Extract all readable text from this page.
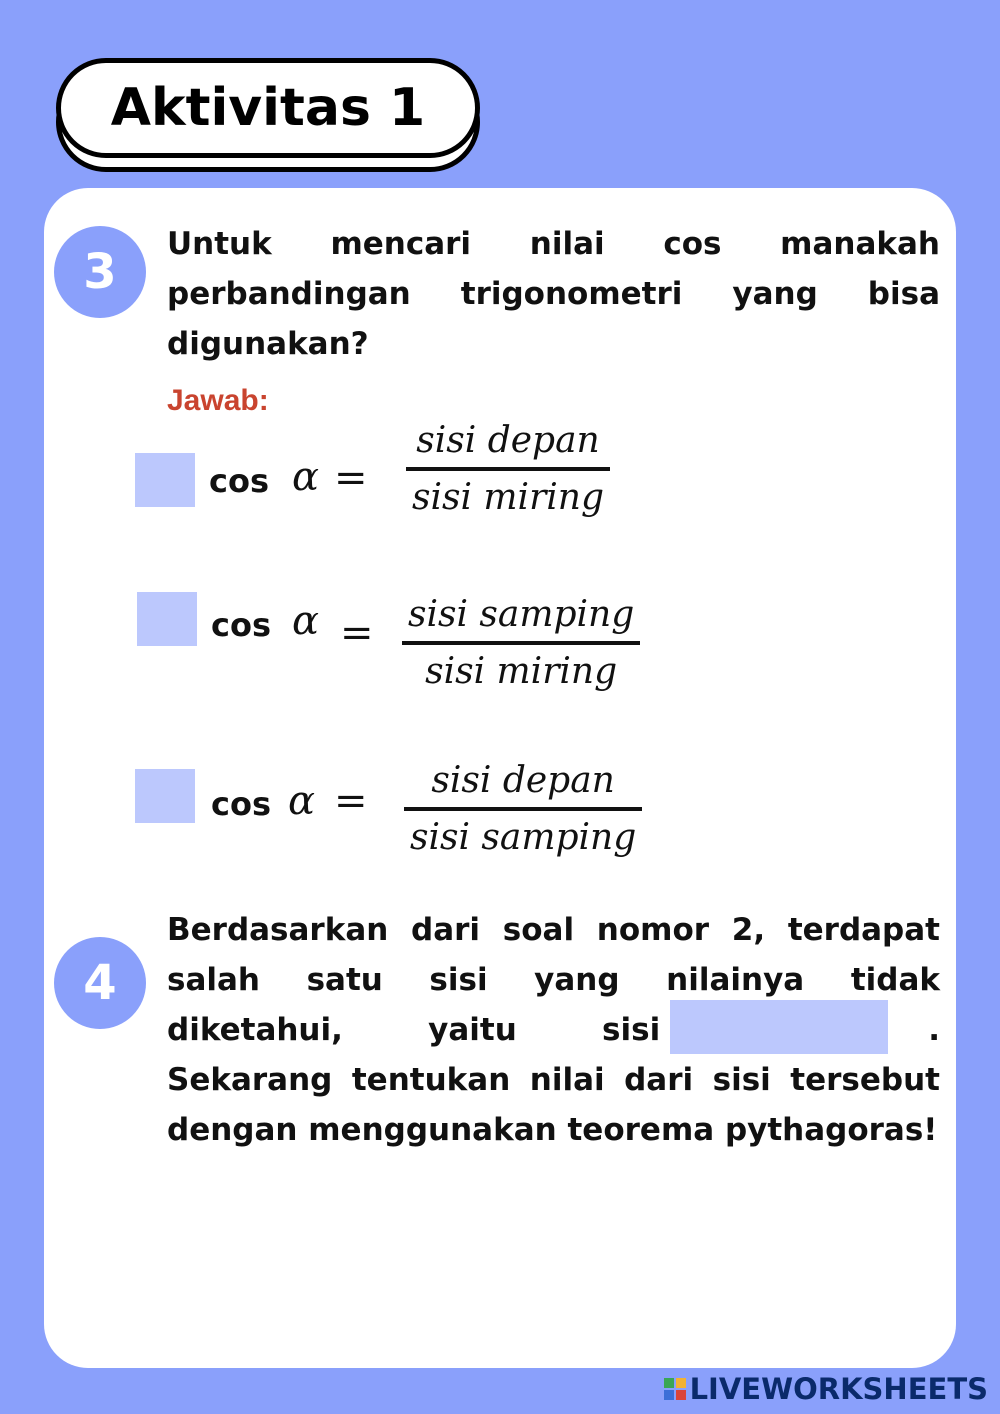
Aktivitas 1
3	Untuk mencari nilai cos manakah perbandingan trigonometri yang bisa digunakan?
Jawab:
cos α =
sisi depan
sisi miring
cos α = sisi samping
sisi miring
cos α = sisi depan
sisi samping
4
Berdasarkan dari soal nomor 2, terdapat salah satu sisi yang nilainya tidak diketahui, yaitu sisi	. Sekarang tentukan nilai dari sisi tersebut dengan menggunakan teorema pythagoras!
LIVEWORKSHEETS
